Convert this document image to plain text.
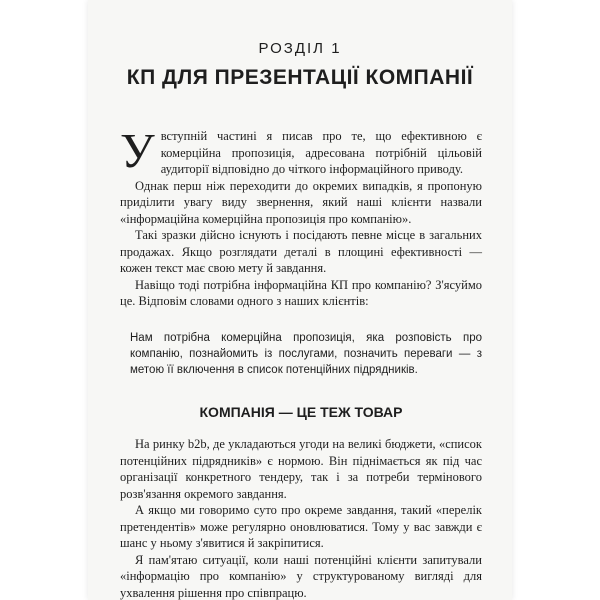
РОЗДІЛ 1
КП ДЛЯ ПРЕЗЕНТАЦІЇ КОМПАНІЇ

Увступній частині я писав про те, що ефективною є комерційна пропозиція, адресована потрібній цільовій аудиторії відповідно до чіткого інформаційного приводу.

Однак перш ніж переходити до окремих випадків, я пропоную приділити увагу виду звернення, який наші клієнти назвали «інформаційна комерційна пропозиція про компанію».

Такі зразки дійсно існують і посідають певне місце в загальних продажах. Якщо розглядати деталі в площині ефективності — кожен текст має свою мету й завдання.

Навіщо тоді потрібна інформаційна КП про компанію? З'ясуймо це. Відповім словами одного з наших клієнтів:

Нам потрібна комерційна пропозиція, яка розповість про компанію, познайомить із послугами, позначить переваги — з метою її включення в список потенційних підрядників.
КОМПАНІЯ — ЦЕ ТЕЖ ТОВАР

На ринку b2b, де укладаються угоди на великі бюджети, «список потенційних підрядників» є нормою. Він піднімається як під час організації конкретного тендеру, так і за потреби термінового розв'язання окремого завдання.

А якщо ми говоримо суто про окреме завдання, такий «перелік претендентів» може регулярно оновлюватися. Тому у вас завжди є шанс у ньому з'явитися й закріпитися.

Я пам'ятаю ситуації, коли наші потенційні клієнти запитували «інформацію про компанію» у структурованому вигляді для ухвалення рішення про співпрацю.
